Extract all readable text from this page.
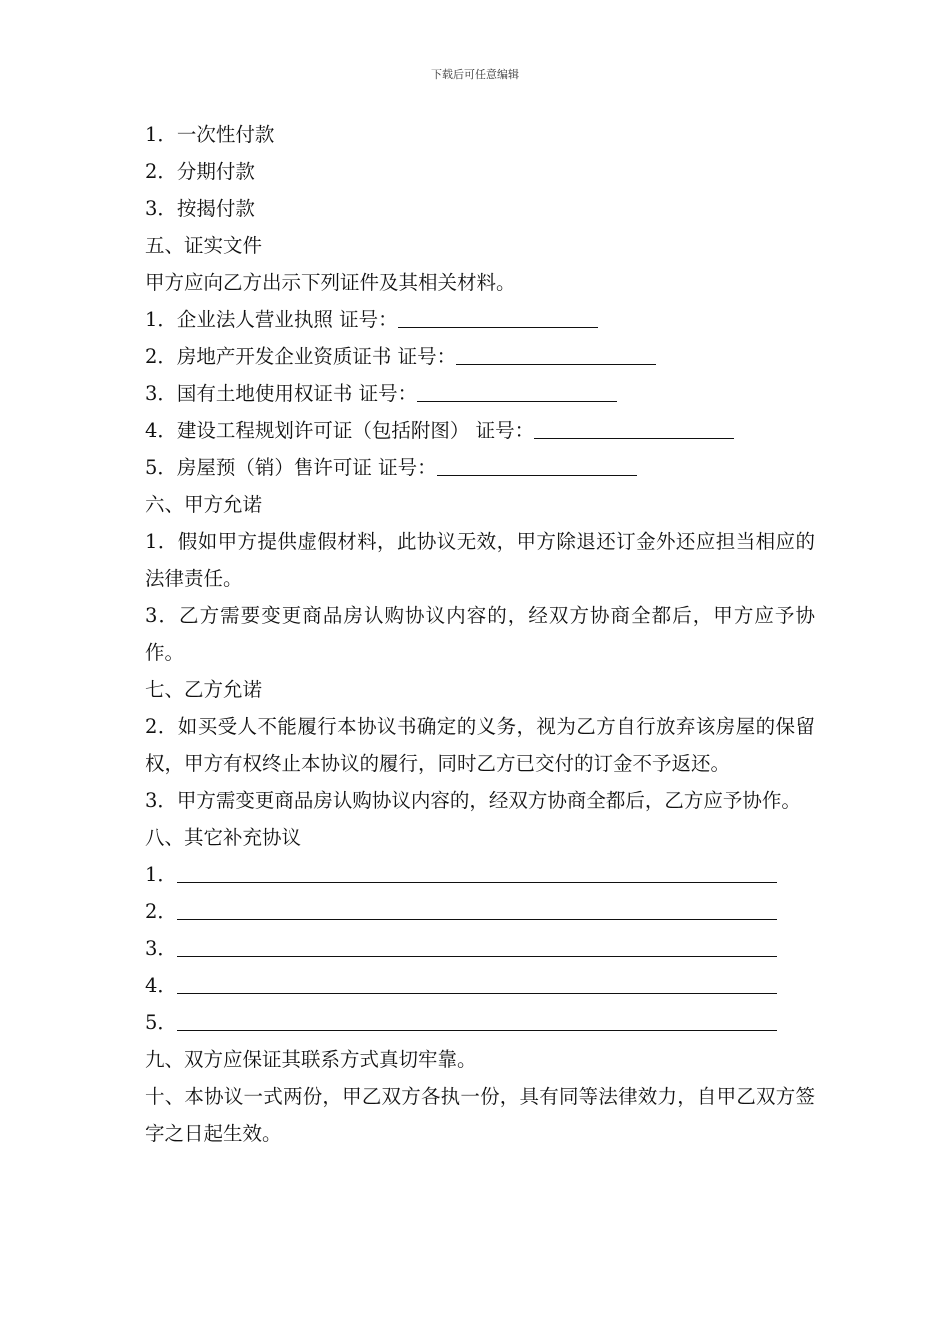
下载后可任意编辑
1．一次性付款
2．分期付款
3．按揭付款
五、证实文件
甲方应向乙方出示下列证件及其相关材料。
1．企业法人营业执照 证号：
2．房地产开发企业资质证书 证号：
3．国有土地使用权证书 证号：
4．建设工程规划许可证（包括附图） 证号：
5．房屋预（销）售许可证 证号：
六、甲方允诺
1．假如甲方提供虚假材料，此协议无效，甲方除退还订金外还应担当相应的法律责任。
3．乙方需要变更商品房认购协议内容的，经双方协商全都后，甲方应予协作。
七、乙方允诺
2．如买受人不能履行本协议书确定的义务，视为乙方自行放弃该房屋的保留权，甲方有权终止本协议的履行，同时乙方已交付的订金不予返还。
3．甲方需变更商品房认购协议内容的，经双方协商全都后，乙方应予协作。
八、其它补充协议
1．
2．
3．
4．
5．
九、双方应保证其联系方式真切牢靠。
十、本协议一式两份，甲乙双方各执一份，具有同等法律效力，自甲乙双方签字之日起生效。
